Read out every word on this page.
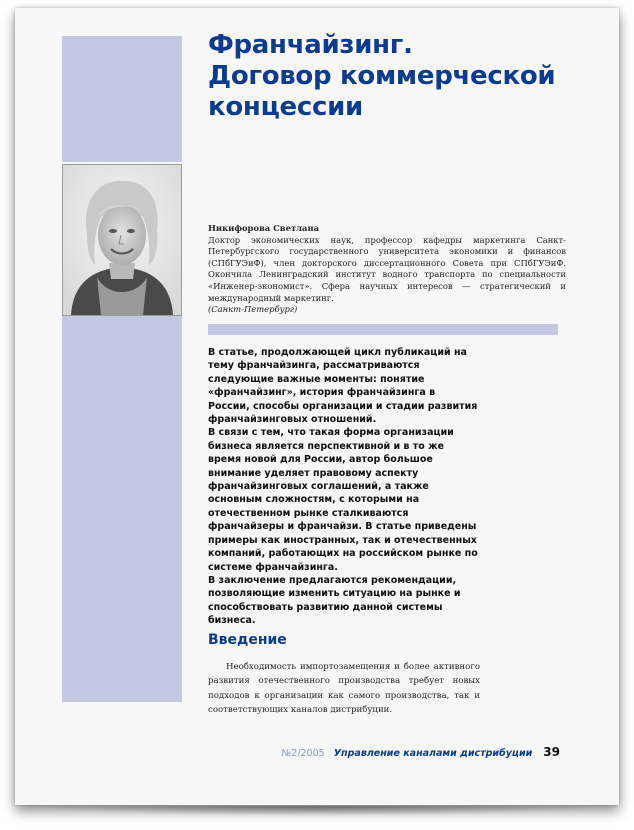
Франчайзинг.
Договор коммерческой
концессии
Никифорова Светлана
Доктор экономических наук, профессор кафедры маркетинга Санкт-Петербургского государственного университета экономики и финансов (СПбГУЭиФ), член докторского диссертационного Совета при СПбГУЭиФ. Окончила Ленинградский институт водного транспорта по специальности «Инженер-экономист». Сфера научных интересов — стратегический и международный маркетинг.
(Санкт-Петербург)

В статье, продолжающей цикл публикаций на тему франчайзинга, рассматриваются следующие важные моменты: понятие «франчайзинг», история франчайзинга в России, способы организации и стадии развития франчайзинговых отношений.

В связи с тем, что такая форма организации бизнеса является перспективной и в то же время новой для России, автор большое внимание уделяет правовому аспекту франчайзинговых соглашений, а также основным сложностям, с которыми на отечественном рынке сталкиваются франчайзеры и франчайзи. В статье приведены примеры как иностранных, так и отечественных компаний, работающих на российском рынке по системе франчайзинга.

В заключение предлагаются рекомендации, позволяющие изменить ситуацию на рынке и способствовать развитию данной системы бизнеса.

Введение

Необходимость импортозамещения и более активного развития отечественного производства требует новых подходов к организации как самого производства, так и соответствующих каналов дистрибуции.

№2/2005 Управление каналами дистрибуции 39
